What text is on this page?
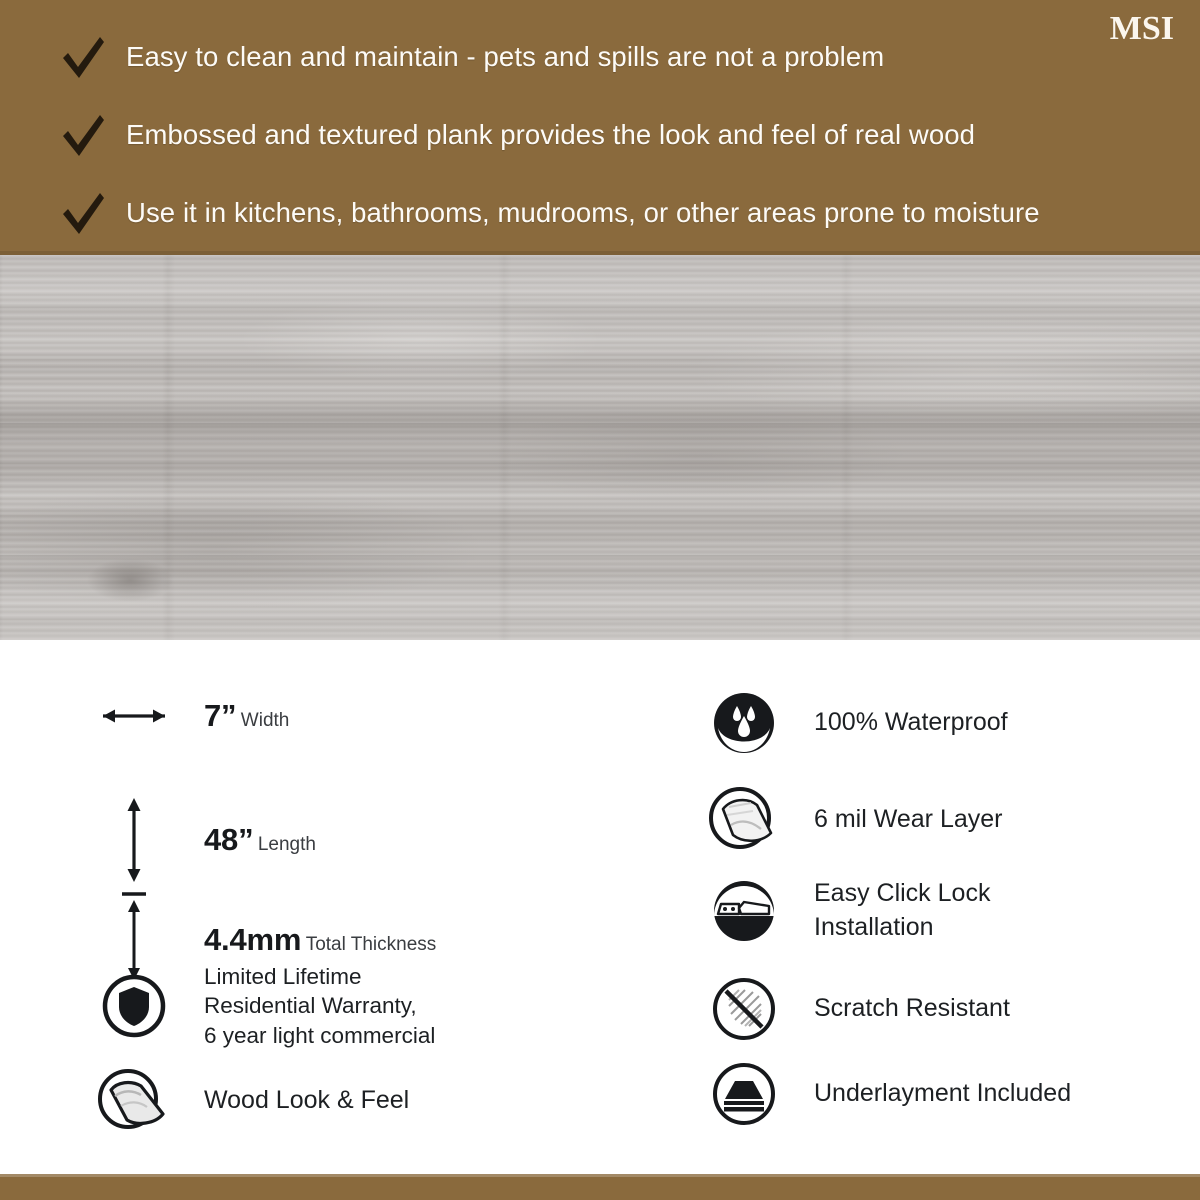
Easy to clean and maintain - pets and spills are not a problem
Embossed and textured plank provides the look and feel of real wood
Use it in kitchens, bathrooms, mudrooms, or other areas prone to moisture
MSI
7” Width
48” Length
4.4mm Total Thickness
Limited Lifetime
Residential Warranty,
6 year light commercial
Wood Look & Feel
100% Waterproof
6 mil Wear Layer
Easy Click Lock
Installation
Scratch Resistant
Underlayment Included
